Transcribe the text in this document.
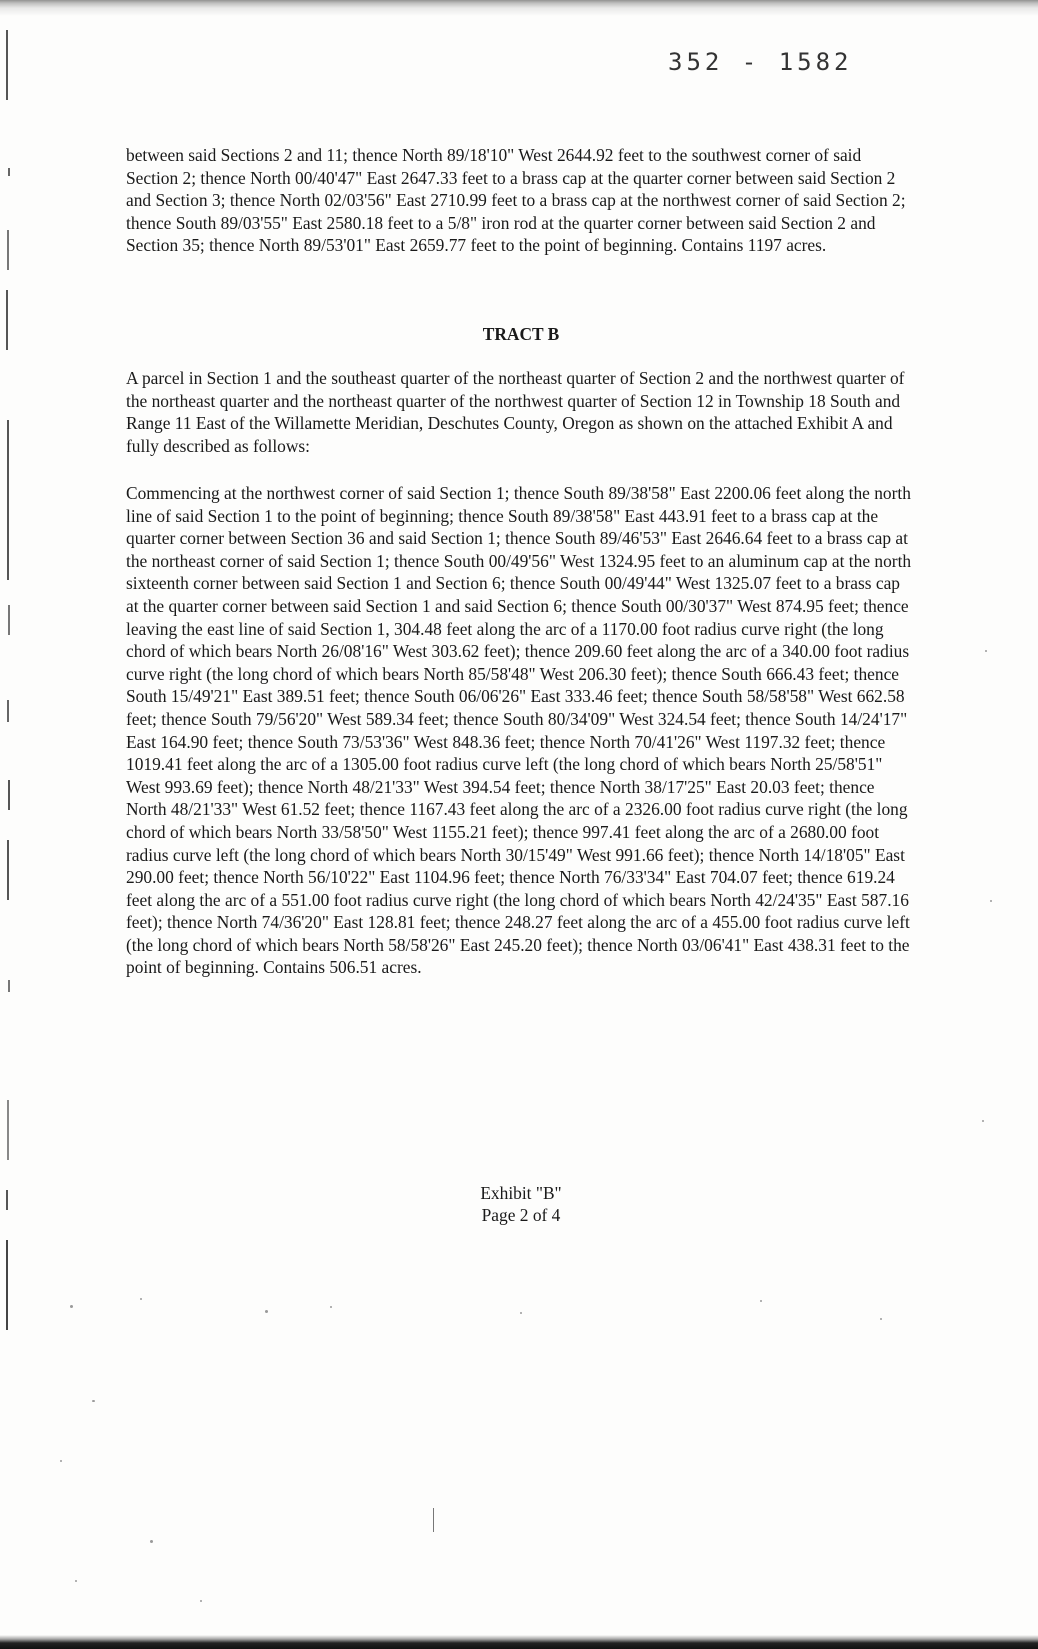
352 - 1582

between said Sections 2 and 11; thence North 89/18'10" West 2644.92 feet to the southwest corner of said Section 2; thence North 00/40'47" East 2647.33 feet to a brass cap at the quarter corner between said Section 2 and Section 3; thence North 02/03'56" East 2710.99 feet to a brass cap at the northwest corner of said Section 2; thence South 89/03'55" East 2580.18 feet to a 5/8" iron rod at the quarter corner between said Section 2 and Section 35; thence North 89/53'01" East 2659.77 feet to the point of beginning. Contains 1197 acres.

TRACT B

A parcel in Section 1 and the southeast quarter of the northeast quarter of Section 2 and the northwest quarter of the northeast quarter and the northeast quarter of the northwest quarter of Section 12 in Township 18 South and Range 11 East of the Willamette Meridian, Deschutes County, Oregon as shown on the attached Exhibit A and fully described as follows:

Commencing at the northwest corner of said Section 1; thence South 89/38'58" East 2200.06 feet along the north line of said Section 1 to the point of beginning; thence South 89/38'58" East 443.91 feet to a brass cap at the quarter corner between Section 36 and said Section 1; thence South 89/46'53" East 2646.64 feet to a brass cap at the northeast corner of said Section 1; thence South 00/49'56" West 1324.95 feet to an aluminum cap at the north sixteenth corner between said Section 1 and Section 6; thence South 00/49'44" West 1325.07 feet to a brass cap at the quarter corner between said Section 1 and said Section 6; thence South 00/30'37" West 874.95 feet; thence leaving the east line of said Section 1, 304.48 feet along the arc of a 1170.00 foot radius curve right (the long chord of which bears North 26/08'16" West 303.62 feet); thence 209.60 feet along the arc of a 340.00 foot radius curve right (the long chord of which bears North 85/58'48" West 206.30 feet); thence South 666.43 feet; thence South 15/49'21" East 389.51 feet; thence South 06/06'26" East 333.46 feet; thence South 58/58'58" West 662.58 feet; thence South 79/56'20" West 589.34 feet; thence South 80/34'09" West 324.54 feet; thence South 14/24'17" East 164.90 feet; thence South 73/53'36" West 848.36 feet; thence North 70/41'26" West 1197.32 feet; thence 1019.41 feet along the arc of a 1305.00 foot radius curve left (the long chord of which bears North 25/58'51" West 993.69 feet); thence North 48/21'33" West 394.54 feet; thence North 38/17'25" East 20.03 feet; thence North 48/21'33" West 61.52 feet; thence 1167.43 feet along the arc of a 2326.00 foot radius curve right (the long chord of which bears North 33/58'50" West 1155.21 feet); thence 997.41 feet along the arc of a 2680.00 foot radius curve left (the long chord of which bears North 30/15'49" West 991.66 feet); thence North 14/18'05" East 290.00 feet; thence North 56/10'22" East 1104.96 feet; thence North 76/33'34" East 704.07 feet; thence 619.24 feet along the arc of a 551.00 foot radius curve right (the long chord of which bears North 42/24'35" East 587.16 feet); thence North 74/36'20" East 128.81 feet; thence 248.27 feet along the arc of a 455.00 foot radius curve left (the long chord of which bears North 58/58'26" East 245.20 feet); thence North 03/06'41" East 438.31 feet to the point of beginning. Contains 506.51 acres.

Exhibit "B"
Page 2 of 4
